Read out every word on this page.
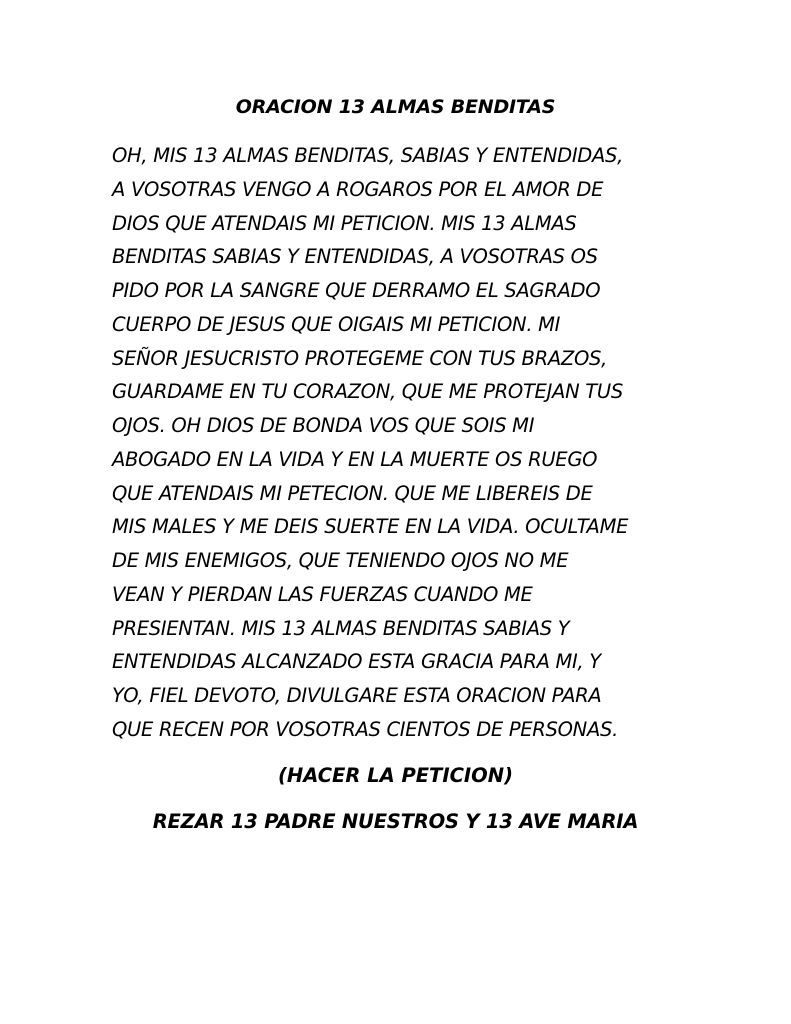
ORACION 13 ALMAS BENDITAS
OH, MIS 13 ALMAS BENDITAS, SABIAS Y ENTENDIDAS,
A VOSOTRAS VENGO A ROGAROS POR EL AMOR DE
DIOS QUE ATENDAIS MI PETICION. MIS 13 ALMAS
BENDITAS SABIAS Y ENTENDIDAS, A VOSOTRAS OS
PIDO POR LA SANGRE QUE DERRAMO EL SAGRADO
CUERPO DE JESUS QUE OIGAIS MI PETICION. MI
SEÑOR JESUCRISTO PROTEGEME CON TUS BRAZOS,
GUARDAME EN TU CORAZON, QUE ME PROTEJAN TUS
OJOS. OH DIOS DE BONDA VOS QUE SOIS MI
ABOGADO EN LA VIDA Y EN LA MUERTE OS RUEGO
QUE ATENDAIS MI PETECION. QUE ME LIBEREIS DE
MIS MALES Y ME DEIS SUERTE EN LA VIDA. OCULTAME
DE MIS ENEMIGOS, QUE TENIENDO OJOS NO ME
VEAN Y PIERDAN LAS FUERZAS CUANDO ME
PRESIENTAN. MIS 13 ALMAS BENDITAS SABIAS Y
ENTENDIDAS ALCANZADO ESTA GRACIA PARA MI, Y
YO, FIEL DEVOTO, DIVULGARE ESTA ORACION PARA
QUE RECEN POR VOSOTRAS CIENTOS DE PERSONAS.
(HACER LA PETICION)
REZAR 13 PADRE NUESTROS Y 13 AVE MARIA
